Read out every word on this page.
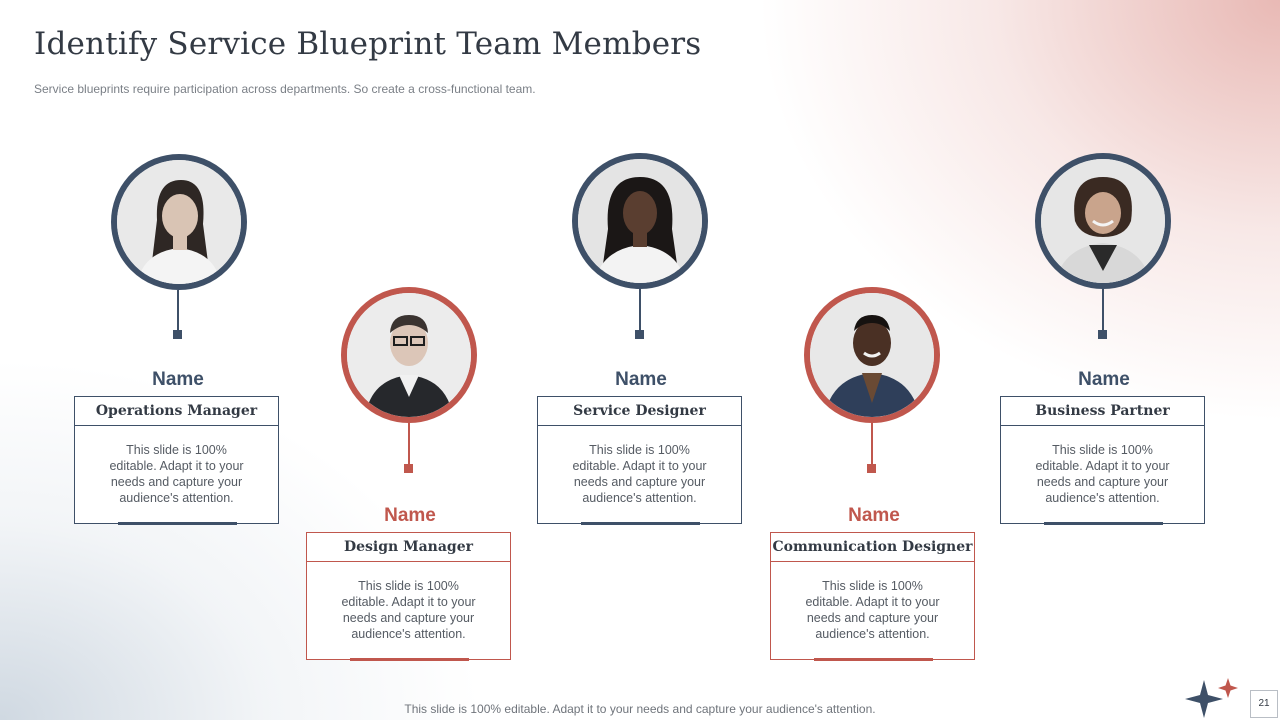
Identify Service Blueprint Team Members

Service blueprints require participation across departments. So create a cross-functional team.

Name
Operations Manager
This slide is 100% editable. Adapt it to your needs and capture your audience's attention.
Name
Design Manager
This slide is 100% editable. Adapt it to your needs and capture your audience's attention.
Name
Service Designer
This slide is 100% editable. Adapt it to your needs and capture your audience's attention.
Name
Communication Designer
This slide is 100% editable. Adapt it to your needs and capture your audience's attention.
Name
Business Partner
This slide is 100% editable. Adapt it to your needs and capture your audience's attention.
This slide is 100% editable. Adapt it to your needs and capture your audience's attention.	21
